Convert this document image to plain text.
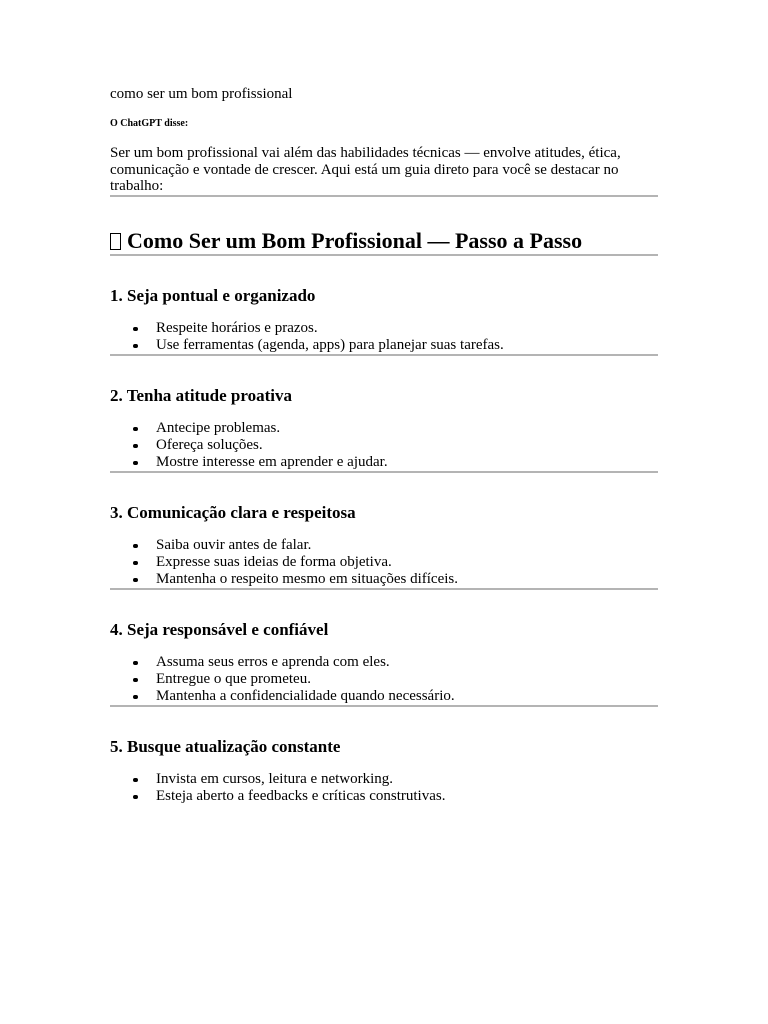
como ser um bom profissional

O ChatGPT disse:

Ser um bom profissional vai além das habilidades técnicas — envolve atitudes, ética, comunicação e vontade de crescer. Aqui está um guia direto para você se destacar no trabalho:

Como Ser um Bom Profissional — Passo a Passo
1. Seja pontual e organizado
Respeite horários e prazos.
Use ferramentas (agenda, apps) para planejar suas tarefas.
2. Tenha atitude proativa
Antecipe problemas.
Ofereça soluções.
Mostre interesse em aprender e ajudar.
3. Comunicação clara e respeitosa
Saiba ouvir antes de falar.
Expresse suas ideias de forma objetiva.
Mantenha o respeito mesmo em situações difíceis.
4. Seja responsável e confiável
Assuma seus erros e aprenda com eles.
Entregue o que prometeu.
Mantenha a confidencialidade quando necessário.
5. Busque atualização constante
Invista em cursos, leitura e networking.
Esteja aberto a feedbacks e críticas construtivas.
